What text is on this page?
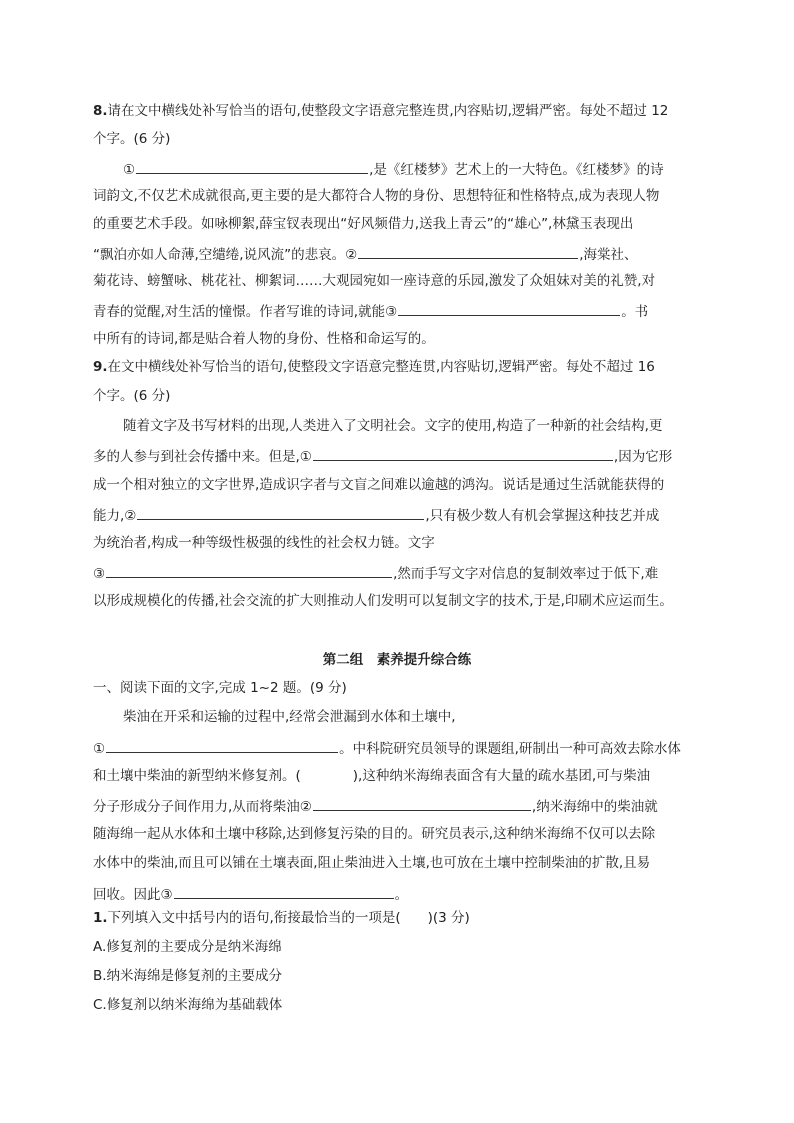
8.请在文中横线处补写恰当的语句,使整段文字语意完整连贯,内容贴切,逻辑严密。每处不超过 12
个字。(6 分)
①	,是《红楼梦》艺术上的一大特色。《红楼梦》的诗
词韵文,不仅艺术成就很高,更主要的是大都符合人物的身份、思想特征和性格特点,成为表现人物
的重要艺术手段。如咏柳絮,薛宝钗表现出“好风频借力,送我上青云”的“雄心”,林黛玉表现出
“飘泊亦如人命薄,空缱绻,说风流”的悲哀。②	,海棠社、
菊花诗、螃蟹咏、桃花社、柳絮词……大观园宛如一座诗意的乐园,激发了众姐妹对美的礼赞,对
青春的觉醒,对生活的憧憬。作者写谁的诗词,就能③	。书
中所有的诗词,都是贴合着人物的身份、性格和命运写的。
9.在文中横线处补写恰当的语句,使整段文字语意完整连贯,内容贴切,逻辑严密。每处不超过 16
个字。(6 分)
随着文字及书写材料的出现,人类进入了文明社会。文字的使用,构造了一种新的社会结构,更
多的人参与到社会传播中来。但是,①	,因为它形
成一个相对独立的文字世界,造成识字者与文盲之间难以逾越的鸿沟。说话是通过生活就能获得的
能力,②	,只有极少数人有机会掌握这种技艺并成
为统治者,构成一种等级性极强的线性的社会权力链。文字
③	,然而手写文字对信息的复制效率过于低下,难
以形成规模化的传播,社会交流的扩大则推动人们发明可以复制文字的技术,于是,印刷术应运而生。
第二组　素养提升综合练
一、阅读下面的文字,完成 1~2 题。(9 分)
柴油在开采和运输的过程中,经常会泄漏到水体和土壤中,
①	。中科院研究员领导的课题组,研制出一种可高效去除水体
和土壤中柴油的新型纳米修复剂。(	),这种纳米海绵表面含有大量的疏水基团,可与柴油
分子形成分子间作用力,从而将柴油②	,纳米海绵中的柴油就
随海绵一起从水体和土壤中移除,达到修复污染的目的。研究员表示,这种纳米海绵不仅可以去除
水体中的柴油,而且可以铺在土壤表面,阻止柴油进入土壤,也可放在土壤中控制柴油的扩散,且易
回收。因此③	。
1.下列填入文中括号内的语句,衔接最恰当的一项是(　　)(3 分)
A.修复剂的主要成分是纳米海绵
B.纳米海绵是修复剂的主要成分
C.修复剂以纳米海绵为基础载体
